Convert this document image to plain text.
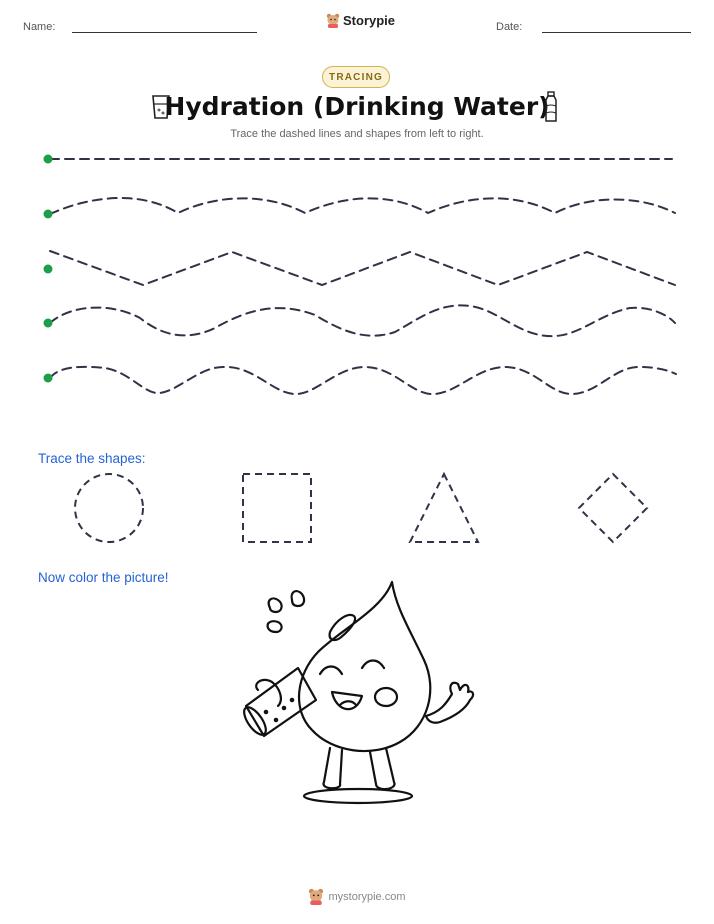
Name:	Storypie	Date:
TRACING
Hydration (Drinking Water)
Trace the dashed lines and shapes from left to right.
Trace the shapes:
Now color the picture!
mystorypie.com
